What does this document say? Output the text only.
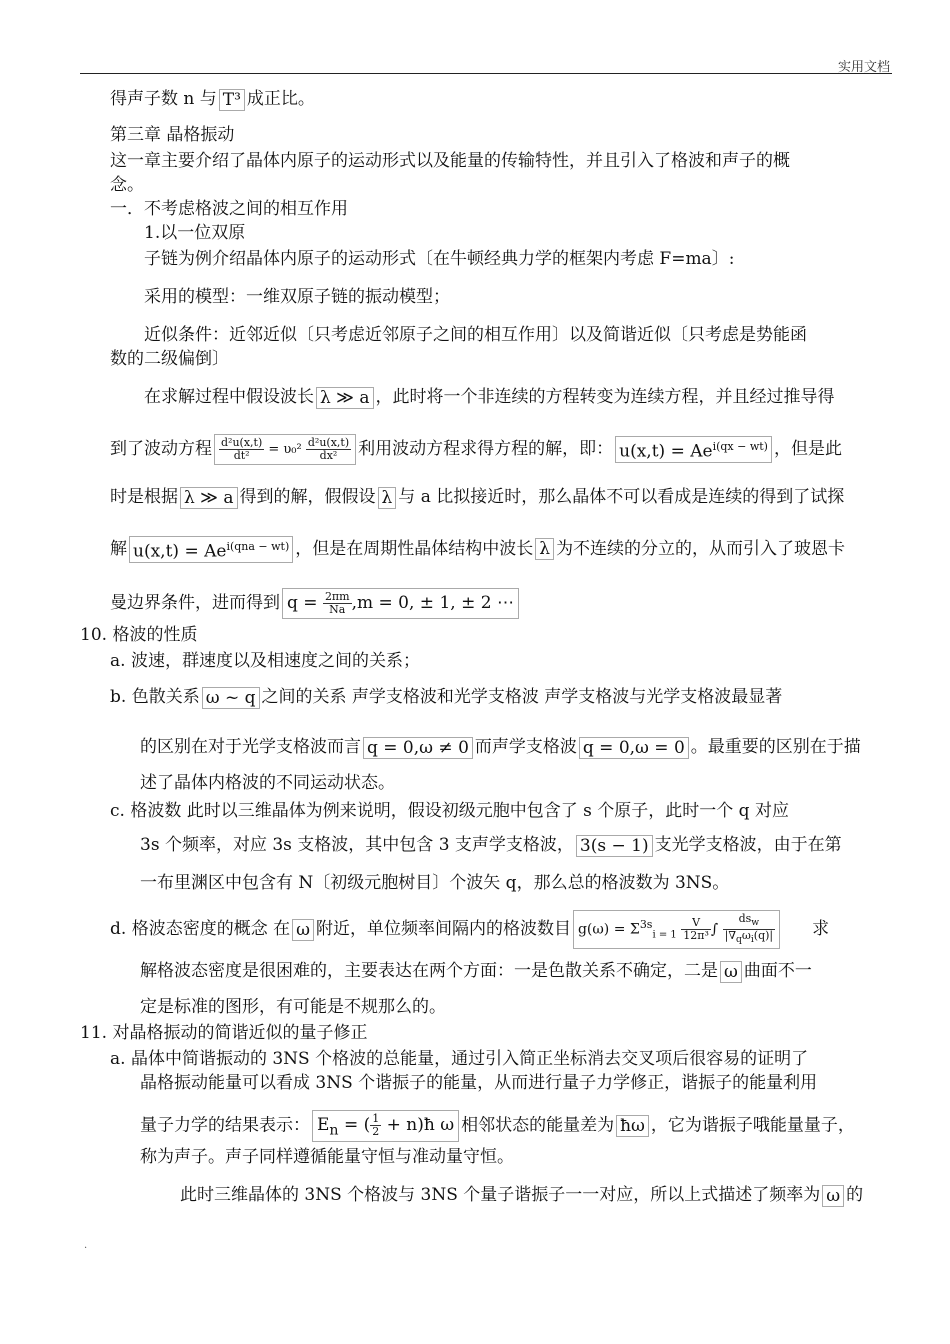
实用文档
得声子数 n 与 T³ 成正比。
第三章 晶格振动
这一章主要介绍了晶体内原子的运动形式以及能量的传输特性，并且引入了格波和声子的概
念。
一．不考虑格波之间的相互作用
1.以一位双原
子链为例介绍晶体内原子的运动形式〔在牛顿经典力学的框架内考虑 F=ma〕:
采用的模型：一维双原子链的振动模型；
近似条件：近邻近似〔只考虑近邻原子之间的相互作用〕以及简谐近似〔只考虑是势能函
数的二级偏倒〕
在求解过程中假设波长 λ ≫ a ，此时将一个非连续的方程转变为连续方程，并且经过推导得
到了波动方程 $\frac{\text{d²u(x,t)}}{\text{dt²}} = \upsilon_0^2 \frac{\text{d²u(x,t)}}{\text{dx²}}$ 利用波动方程求得方程的解，即： $u(x,t) = Ae^{i(qx - wt)}$ ，但是此
时是根据 λ ≫ a 得到的解，假假设 λ 与 a 比拟接近时，那么晶体不可以看成是连续的得到了试探
解 $u(x,t) = Ae^{i(qna - wt)}$ ，但是在周期性晶体结构中波长 λ 为不连续的分立的，从而引入了玻恩卡
曼边界条件，进而得到 $q = \frac{2\pi m}{Na} ,m = 0$, ± 1, ± 2 ⋯
10. 格波的性质
a. 波速，群速度以及相速度之间的关系；
b. 色散关系 ω ~ q 之间的关系 声学支格波和光学支格波 声学支格波与光学支格波最显著
的区别在对于光学支格波而言 q = 0,ω ≠ 0 而声学支格波 q = 0,ω = 0 。最重要的区别在于描
述了晶体内格波的不同运动状态。
c. 格波数 此时以三维晶体为例来说明，假设初级元胞中包含了 s 个原子，此时一个 q 对应
3s 个频率，对应 3s 支格波，其中包含 3 支声学支格波， 3(s − 1) 支光学支格波，由于在第
一布里渊区中包含有 N〔初级元胞树目〕个波矢 q，那么总的格波数为 3NS。
d. 格波态密度的概念 在 ω 附近，单位频率间隔内的格波数目 $g(\omega) = \Sigma^{3s}_{i = 1} \frac{V}{\text{12π³}}$ ∫ $\frac{ds_w}{|\nabla_q\omega_i(q)|}$ 求
解格波态密度是很困难的，主要表达在两个方面：一是色散关系不确定，二是 ω 曲面不一
定是标准的图形，有可能是不规那么的。
11. 对晶格振动的简谐近似的量子修正
a. 晶体中简谐振动的 3NS 个格波的总能量，通过引入简正坐标消去交叉项后很容易的证明了
晶格振动能量可以看成 3NS 个谐振子的能量，从而进行量子力学修正，谐振子的能量利用
量子力学的结果表示： $E_n$ = ( $\frac{1}{2}$ + n)ħ ω 相邻状态的能量差为 ħω ，它为谐振子哦能量量子，
称为声子。声子同样遵循能量守恒与准动量守恒。
此时三维晶体的 3NS 个格波与 3NS 个量子谐振子一一对应，所以上式描述了频率为 ω 的
.
